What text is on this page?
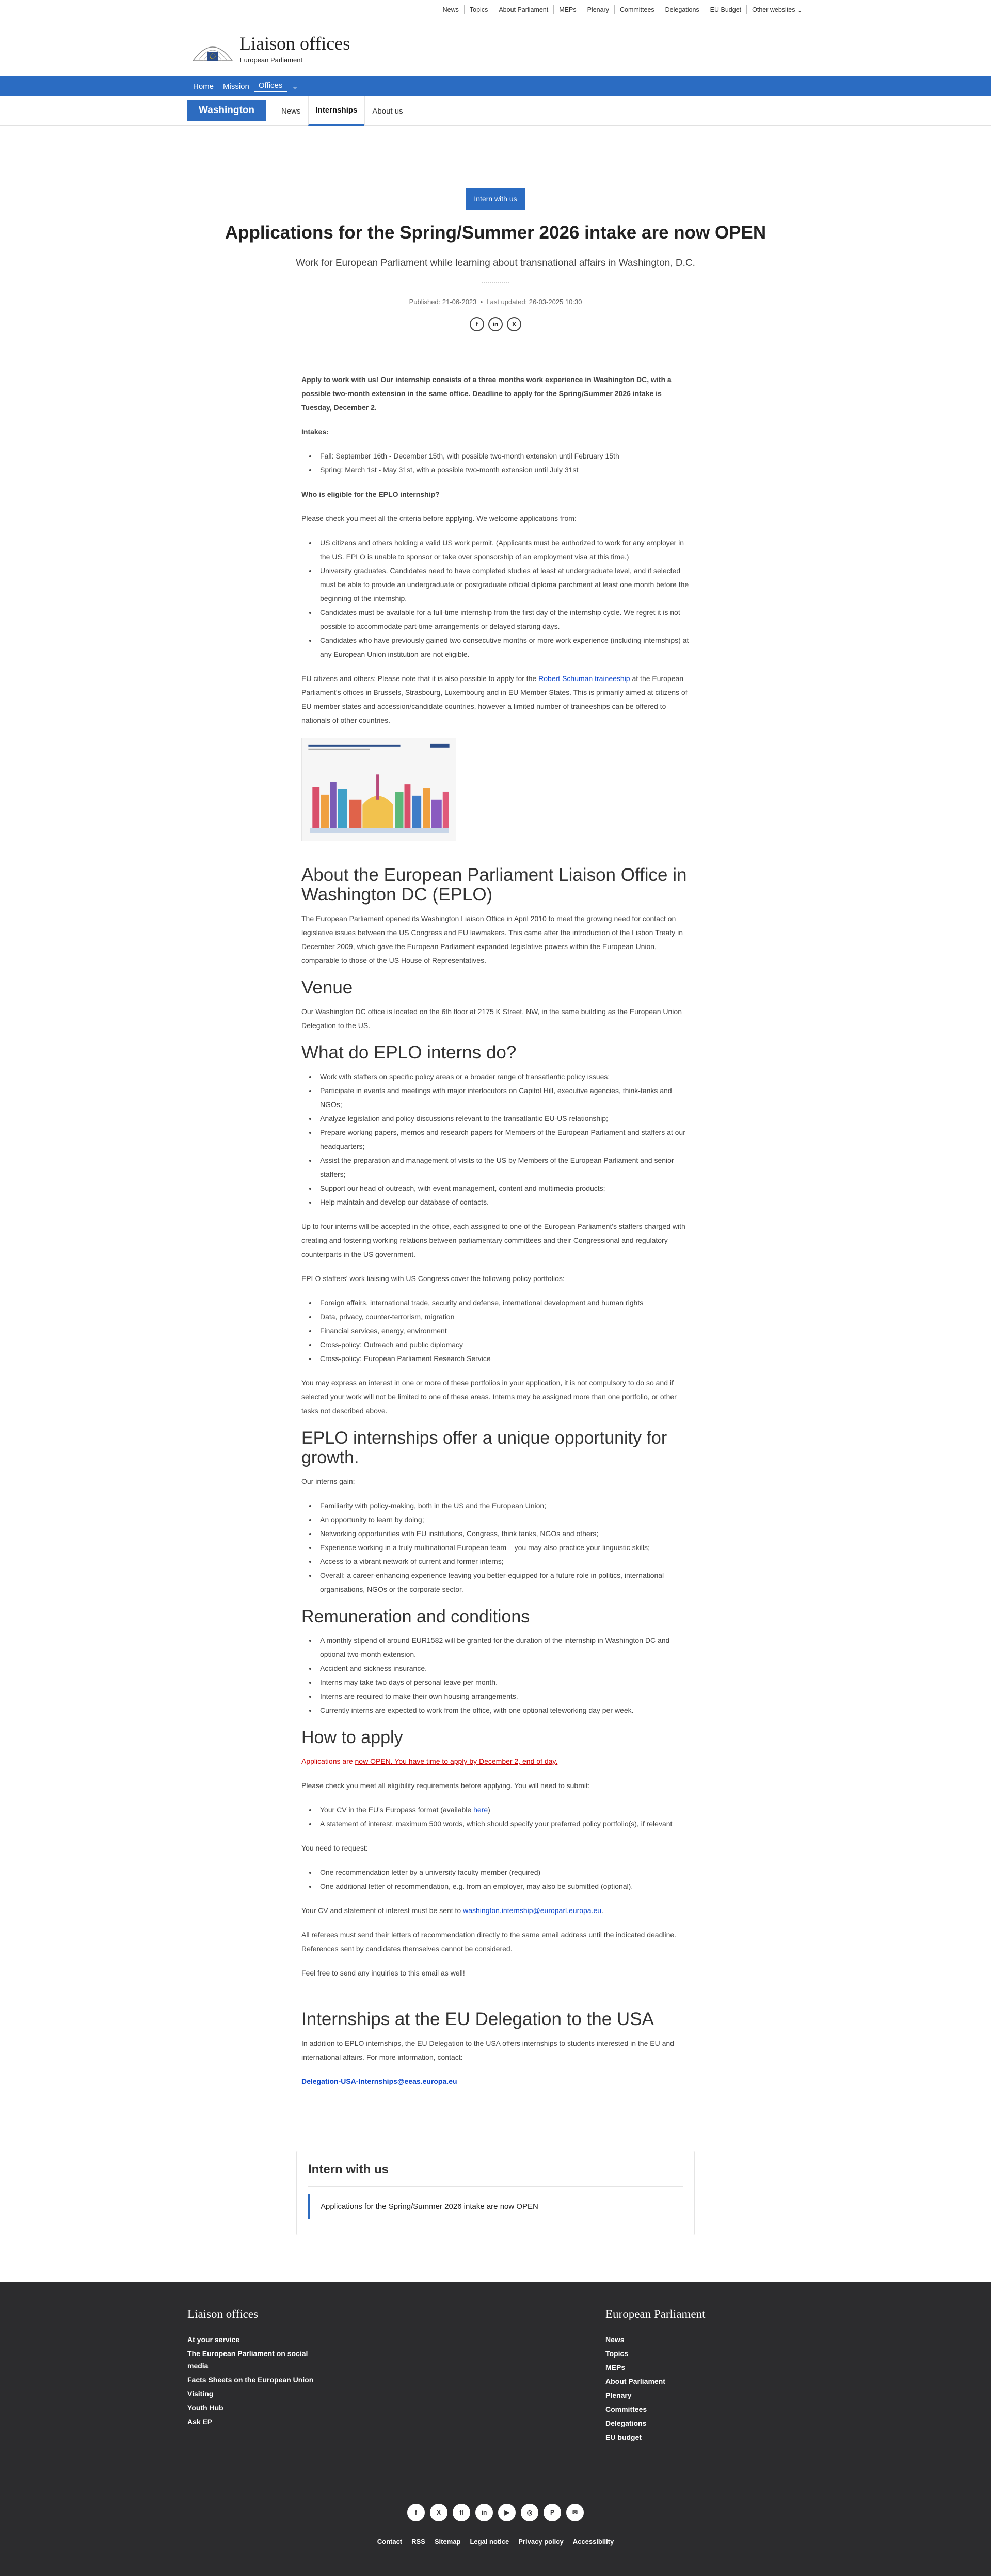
News	Topics	About Parliament	MEPs	Plenary	Committees	Delegations	EU Budget	Other websites ⌄
Liaison offices
European Parliament
Home	Mission	Offices	⌄
Washington	News	Internships	About us
Intern with us
Applications for the Spring/Summer 2026 intake are now OPEN
Work for European Parliament while learning about transnational affairs in Washington, D.C.
Published: 21-06-2023  •  Last updated: 26-03-2025 10:30
f	in	X

Apply to work with us! Our internship consists of a three months work experience in Washington DC, with a possible two-month extension in the same office. Deadline to apply for the Spring/Summer 2026 intake is Tuesday, December 2.

Intakes:

• Fall: September 16th - December 15th, with possible two-month extension until February 15th
• Spring: March 1st - May 31st, with a possible two-month extension until July 31st

Who is eligible for the EPLO internship?

Please check you meet all the criteria before applying. We welcome applications from:

• US citizens and others holding a valid US work permit. (Applicants must be authorized to work for any employer in the US. EPLO is unable to sponsor or take over sponsorship of an employment visa at this time.)
• University graduates. Candidates need to have completed studies at least at undergraduate level, and if selected must be able to provide an undergraduate or postgraduate official diploma parchment at least one month before the beginning of the internship.
• Candidates must be available for a full-time internship from the first day of the internship cycle. We regret it is not possible to accommodate part-time arrangements or delayed starting days.
• Candidates who have previously gained two consecutive months or more work experience (including internships) at any European Union institution are not eligible.

EU citizens and others: Please note that it is also possible to apply for the Robert Schuman traineeship at the European Parliament's offices in Brussels, Strasbourg, Luxembourg and in EU Member States. This is primarily aimed at citizens of EU member states and accession/candidate countries, however a limited number of traineeships can be offered to nationals of other countries.

About the European Parliament Liaison Office in Washington DC (EPLO)

The European Parliament opened its Washington Liaison Office in April 2010 to meet the growing need for contact on legislative issues between the US Congress and EU lawmakers. This came after the introduction of the Lisbon Treaty in December 2009, which gave the European Parliament expanded legislative powers within the European Union, comparable to those of the US House of Representatives.

Venue

Our Washington DC office is located on the 6th floor at 2175 K Street, NW, in the same building as the European Union Delegation to the US.

What do EPLO interns do?
• Work with staffers on specific policy areas or a broader range of transatlantic policy issues;
• Participate in events and meetings with major interlocutors on Capitol Hill, executive agencies, think-tanks and NGOs;
• Analyze legislation and policy discussions relevant to the transatlantic EU-US relationship;
• Prepare working papers, memos and research papers for Members of the European Parliament and staffers at our headquarters;
• Assist the preparation and management of visits to the US by Members of the European Parliament and senior staffers;
• Support our head of outreach, with event management, content and multimedia products;
• Help maintain and develop our database of contacts.

Up to four interns will be accepted in the office, each assigned to one of the European Parliament's staffers charged with creating and fostering working relations between parliamentary committees and their Congressional and regulatory counterparts in the US government.

EPLO staffers' work liaising with US Congress cover the following policy portfolios:

• Foreign affairs, international trade, security and defense, international development and human rights
• Data, privacy, counter-terrorism, migration
• Financial services, energy, environment
• Cross-policy: Outreach and public diplomacy
• Cross-policy: European Parliament Research Service

You may express an interest in one or more of these portfolios in your application, it is not compulsory to do so and if selected your work will not be limited to one of these areas. Interns may be assigned more than one portfolio, or other tasks not described above.

EPLO internships offer a unique opportunity for growth.

Our interns gain:

• Familiarity with policy-making, both in the US and the European Union;
• An opportunity to learn by doing;
• Networking opportunities with EU institutions, Congress, think tanks, NGOs and others;
• Experience working in a truly multinational European team – you may also practice your linguistic skills;
• Access to a vibrant network of current and former interns;
• Overall: a career-enhancing experience leaving you better-equipped for a future role in politics, international organisations, NGOs or the corporate sector.
Remuneration and conditions
• A monthly stipend of around EUR1582 will be granted for the duration of the internship in Washington DC and optional two-month extension.
• Accident and sickness insurance.
• Interns may take two days of personal leave per month.
• Interns are required to make their own housing arrangements.
• Currently interns are expected to work from the office, with one optional teleworking day per week.
How to apply

Applications are now OPEN. You have time to apply by December 2, end of day.

Please check you meet all eligibility requirements before applying. You will need to submit:

• Your CV in the EU's Europass format (available here)
• A statement of interest, maximum 500 words, which should specify your preferred policy portfolio(s), if relevant

You need to request:

• One recommendation letter by a university faculty member (required)
• One additional letter of recommendation, e.g. from an employer, may also be submitted (optional).

Your CV and statement of interest must be sent to washington.internship@europarl.europa.eu.

All referees must send their letters of recommendation directly to the same email address until the indicated deadline. References sent by candidates themselves cannot be considered.

Feel free to send any inquiries to this email as well!

Internships at the EU Delegation to the USA

In addition to EPLO internships, the EU Delegation to the USA offers internships to students interested in the EU and international affairs. For more information, contact:

Delegation-USA-Internships@eeas.europa.eu

Intern with us
Applications for the Spring/Summer 2026 intake are now OPEN
Liaison offices
At your service
The European Parliament on social media
Facts Sheets on the European Union
Visiting
Youth Hub
Ask EP
European Parliament
News
Topics
MEPs
About Parliament
Plenary
Committees
Delegations
EU budget
f	X	fl	in	▶	◎	P	✉
Contact RSS Sitemap Legal notice Privacy policy Accessibility
